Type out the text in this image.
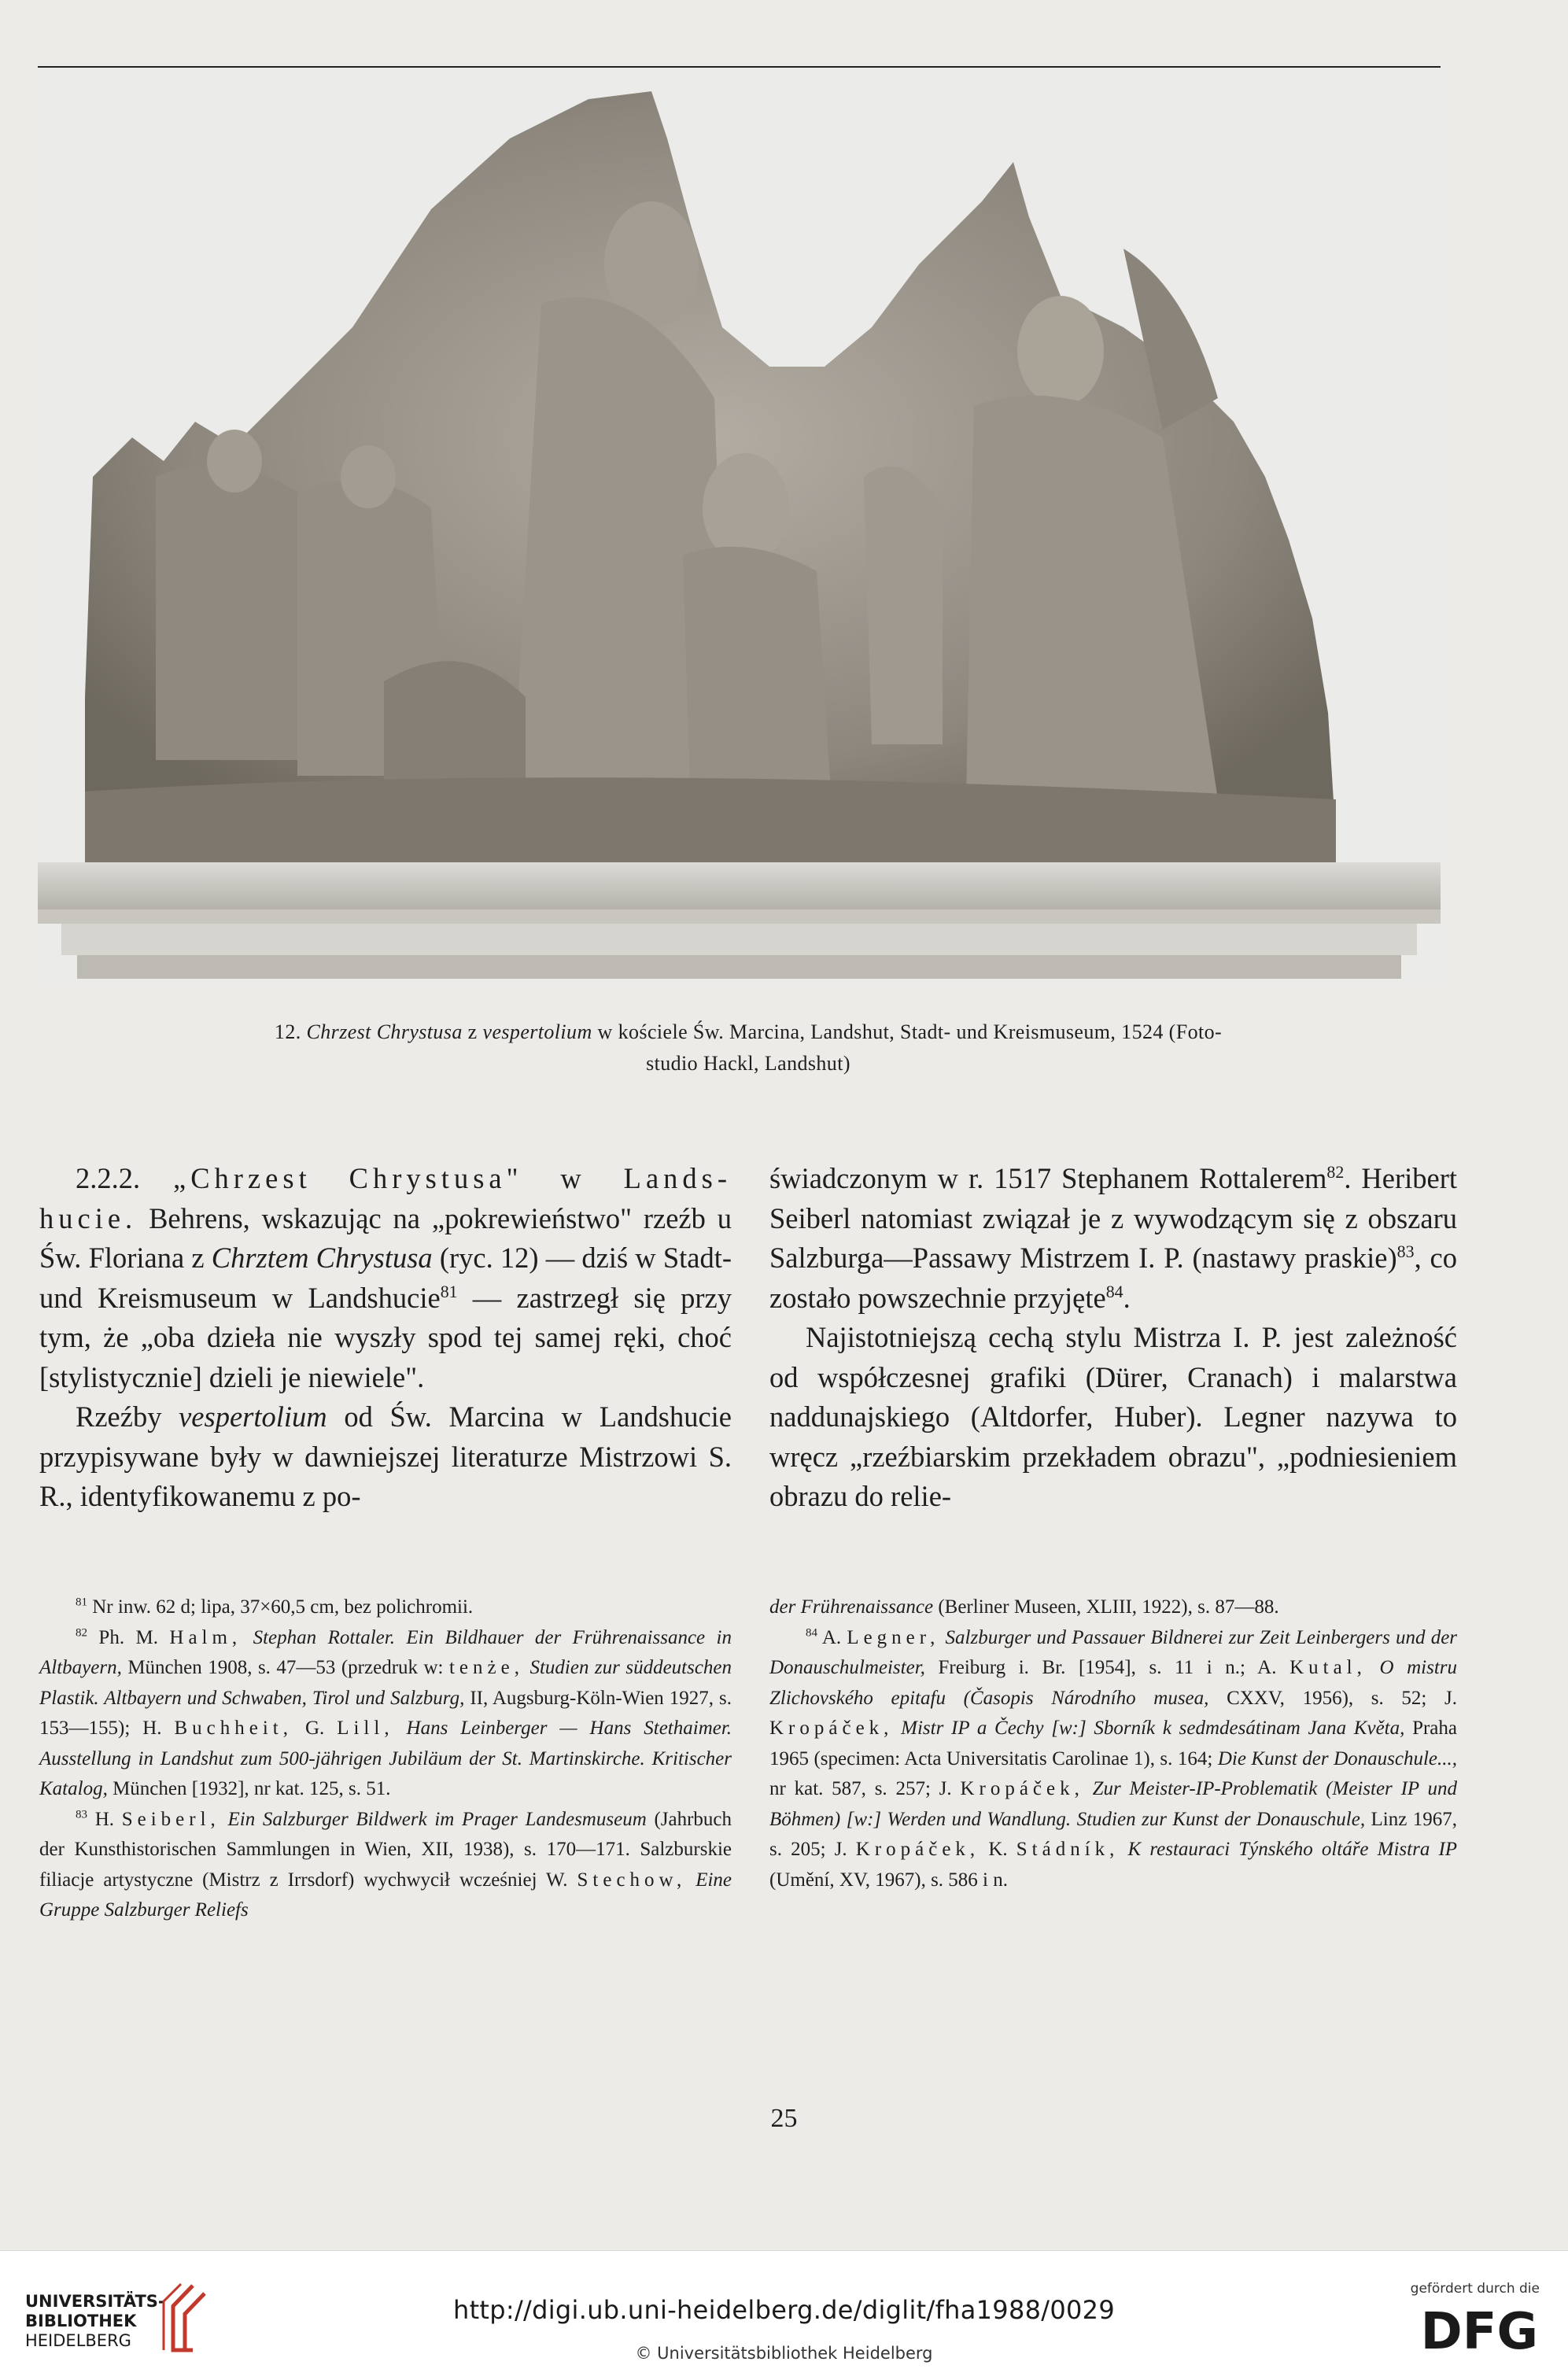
12. Chrzest Chrystusa z vespertolium w kościele Św. Marcina, Landshut, Stadt- und Kreismuseum, 1524 (Foto-
studio Hackl, Landshut)

2.2.2. „Chrzest Chrystusa" w Lands- hucie. Behrens, wskazując na „pokrewieństwo" rzeźb u Św. Floriana z Chrztem Chrystusa (ryc. 12) — dziś w Stadt- und Kreismuseum w Landshucie$^{81}$ — zastrzegł się przy tym, że „oba dzieła nie wyszły spod tej samej ręki, choć [stylistycznie] dzieli je niewiele".

Rzeźby vespertolium od Św. Marcina w Landshucie przypisywane były w dawniejszej literaturze Mistrzowi S. R., identyfikowanemu z po-

świadczonym w r. 1517 Stephanem Rottalerem$^{82}$. Heribert Seiberl natomiast związał je z wywodzącym się z obszaru Salzburga—Passawy Mistrzem I. P. (nastawy praskie)$^{83}$, co zostało powszechnie przyjęte$^{84}$.

Najistotniejszą cechą stylu Mistrza I. P. jest zależność od współczesnej grafiki (Dürer, Cranach) i malarstwa naddunajskiego (Altdorfer, Huber). Legner nazywa to wręcz „rzeźbiarskim przekładem obrazu", „podniesieniem obrazu do relie-

$^{81}$ Nr inw. 62 d; lipa, 37×60,5 cm, bez polichromii.

$^{82}$ Ph. M. Halm, Stephan Rottaler. Ein Bildhauer der Frührenaissance in Altbayern, München 1908, s. 47—53 (przedruk w: tenże, Studien zur süddeutschen Plastik. Altbayern und Schwaben, Tirol und Salzburg, II, Augsburg-Köln-Wien 1927, s. 153—155); H. Buchheit, G. Lill, Hans Leinberger — Hans Stethaimer. Ausstellung in Landshut zum 500-jährigen Jubiläum der St. Martinskirche. Kritischer Katalog, München [1932], nr kat. 125, s. 51.

$^{83}$ H. Seiberl, Ein Salzburger Bildwerk im Prager Landesmuseum (Jahrbuch der Kunsthistorischen Sammlungen in Wien, XII, 1938), s. 170—171. Salzburskie filiacje artystyczne (Mistrz z Irrsdorf) wychwycił wcześniej W. Stechow, Eine Gruppe Salzburger Reliefs

der Frührenaissance (Berliner Museen, XLIII, 1922), s. 87—88.

$^{84}$ A. Legner, Salzburger und Passauer Bildnerei zur Zeit Leinbergers und der Donauschulmeister, Freiburg i. Br. [1954], s. 11 i n.; A. Kutal, O mistru Zlichovského epitafu (Časopis Národního musea, CXXV, 1956), s. 52; J. Kropáček, Mistr IP a Čechy [w:] Sborník k sedmdesátinam Jana Květa, Praha 1965 (specimen: Acta Universitatis Carolinae 1), s. 164; Die Kunst der Donauschule..., nr kat. 587, s. 257; J. Kropáček, Zur Meister-IP-Problematik (Meister IP und Böhmen) [w:] Werden und Wandlung. Studien zur Kunst der Donauschule, Linz 1967, s. 205; J. Kropáček, K. Stádník, K restauraci Týnského oltáře Mistra IP (Umění, XV, 1967), s. 586 i n.

25
UNIVERSITÄTS-
BIBLIOTHEK
HEIDELBERG
http://digi.ub.uni-heidelberg.de/diglit/fha1988/0029
© Universitätsbibliothek Heidelberg
gefördert durch die
DFG
